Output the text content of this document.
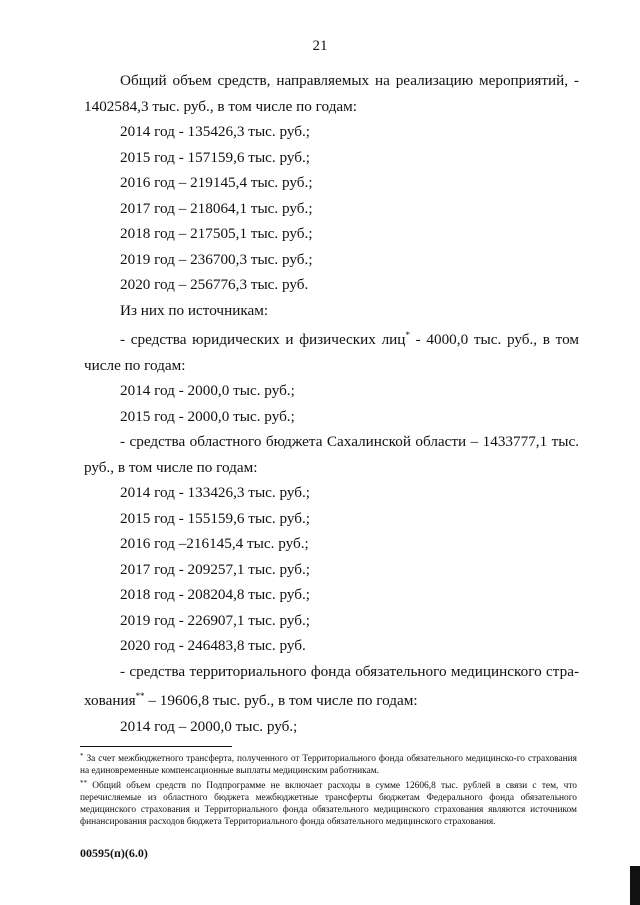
21

Общий объем средств, направляемых на реализацию мероприятий, -

1402584,3 тыс. руб., в том числе по годам:

2014 год - 135426,3 тыс. руб.;

2015 год - 157159,6 тыс. руб.;

2016 год – 219145,4 тыс. руб.;

2017 год – 218064,1 тыс. руб.;

2018 год – 217505,1 тыс. руб.;

2019 год – 236700,3 тыс. руб.;

2020 год – 256776,3 тыс. руб.

Из них по источникам:

- средства юридических и физических лиц* - 4000,0 тыс. руб., в том

числе по годам:

2014 год - 2000,0 тыс. руб.;

2015 год - 2000,0 тыс. руб.;

- средства областного бюджета Сахалинской области – 1433777,1 тыс.

руб., в том числе по годам:

2014 год - 133426,3 тыс. руб.;

2015 год - 155159,6 тыс. руб.;

2016 год –216145,4 тыс. руб.;

2017 год - 209257,1 тыс. руб.;

2018 год - 208204,8 тыс. руб.;

2019 год - 226907,1 тыс. руб.;

2020 год - 246483,8 тыс. руб.

- средства территориального фонда обязательного медицинского стра-

хования** – 19606,8 тыс. руб., в том числе по годам:

2014 год – 2000,0 тыс. руб.;

* За счет межбюджетного трансферта, полученного от Территориального фонда обязательного медицинско-го страхования на единовременные компенсационные выплаты медицинским работникам.

** Общий объем средств по Подпрограмме не включает расходы в сумме 12606,8 тыс. рублей в связи с тем, что перечисляемые из областного бюджета межбюджетные трансферты бюджетам Федерального фонда обязательного медицинского страхования и Территориального фонда обязательного медицинского страхования являются источником финансирования расходов бюджета Территориального фонда обязательного медицинского страхования.

00595(п)(6.0)
